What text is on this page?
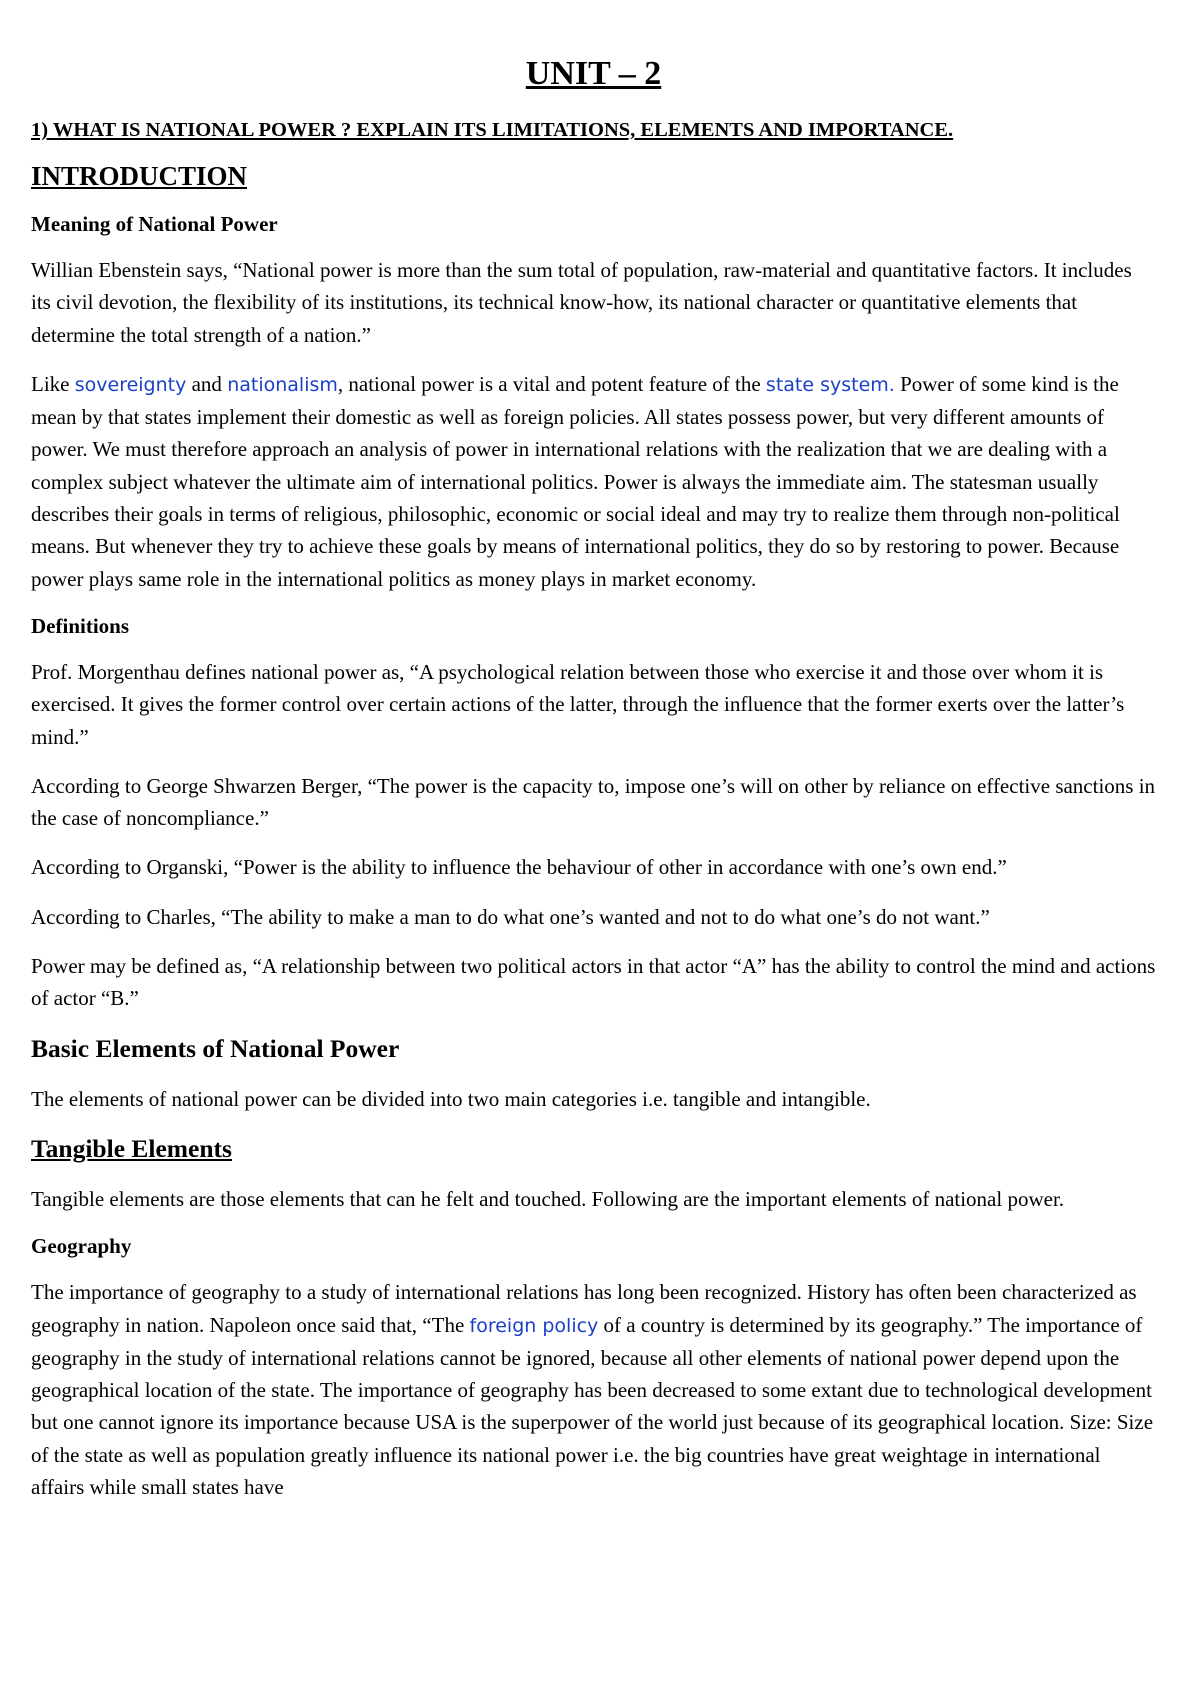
UNIT – 2
1) WHAT IS NATIONAL POWER ? EXPLAIN ITS LIMITATIONS, ELEMENTS AND IMPORTANCE.
INTRODUCTION
Meaning of National Power

Willian Ebenstein says, “National power is more than the sum total of population, raw-material and quantitative factors. It includes its civil devotion, the flexibility of its institutions, its technical know-how, its national character or quantitative elements that determine the total strength of a nation.”

Like sovereignty and nationalism, national power is a vital and potent feature of the state system. Power of some kind is the mean by that states implement their domestic as well as foreign policies. All states possess power, but very different amounts of power. We must therefore approach an analysis of power in international relations with the realization that we are dealing with a complex subject whatever the ultimate aim of international politics. Power is always the immediate aim. The statesman usually describes their goals in terms of religious, philosophic, economic or social ideal and may try to realize them through non-political means. But whenever they try to achieve these goals by means of international politics, they do so by restoring to power. Because power plays same role in the international politics as money plays in market economy.

Definitions

Prof. Morgenthau defines national power as, “A psychological relation between those who exercise it and those over whom it is exercised. It gives the former control over certain actions of the latter, through the influence that the former exerts over the latter’s mind.”

According to George Shwarzen Berger, “The power is the capacity to, impose one’s will on other by reliance on effective sanctions in the case of noncompliance.”

According to Organski, “Power is the ability to influence the behaviour of other in accordance with one’s own end.”

According to Charles, “The ability to make a man to do what one’s wanted and not to do what one’s do not want.”

Power may be defined as, “A relationship between two political actors in that actor “A” has the ability to control the mind and actions of actor “B.”

Basic Elements of National Power

The elements of national power can be divided into two main categories i.e. tangible and intangible.

Tangible Elements

Tangible elements are those elements that can he felt and touched. Following are the important elements of national power.

Geography

The importance of geography to a study of international relations has long been recognized. History has often been characterized as geography in nation. Napoleon once said that, “The foreign policy of a country is determined by its geography.” The importance of geography in the study of international relations cannot be ignored, because all other elements of national power depend upon the geographical location of the state. The importance of geography has been decreased to some extant due to technological development but one cannot ignore its importance because USA is the superpower of the world just because of its geographical location. Size: Size of the state as well as population greatly influence its national power i.e. the big countries have great weightage in international affairs while small states have
